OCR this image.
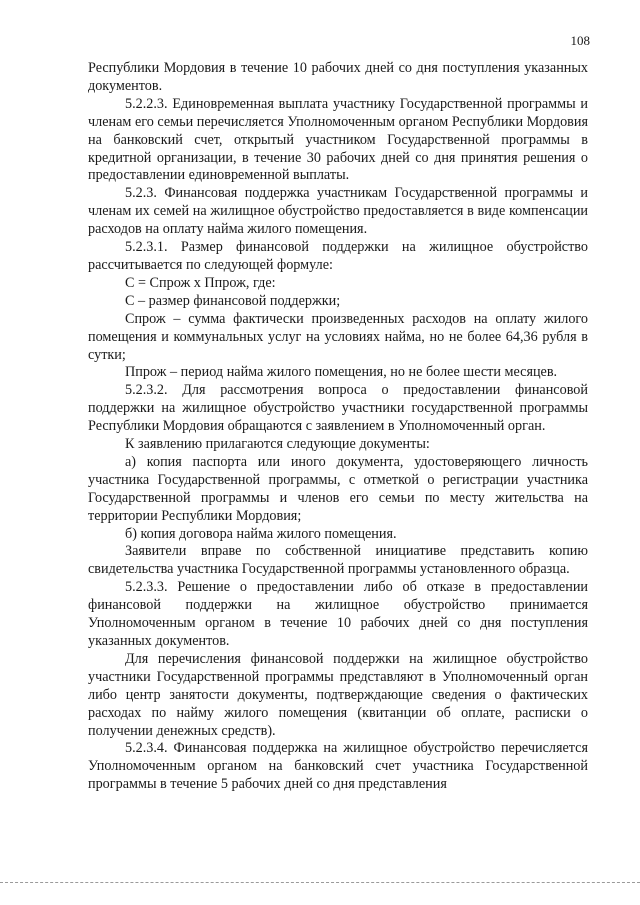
108

Республики Мордовия в течение 10 рабочих дней со дня поступления указанных документов.

5.2.2.3. Единовременная выплата участнику Государственной программы и членам его семьи перечисляется Уполномоченным органом Республики Мордовия на банковский счет, открытый участником Государственной программы в кредитной организации, в течение 30 рабочих дней со дня принятия решения о предоставлении единовременной выплаты.

5.2.3. Финансовая поддержка участникам Государственной программы и членам их семей на жилищное обустройство предоставляется в виде компенсации расходов на оплату найма жилого помещения.

5.2.3.1. Размер финансовой поддержки на жилищное обустройство рассчитывается по следующей формуле:

С = Спрож х Ппрож, где:

С – размер финансовой поддержки;

Спрож – сумма фактически произведенных расходов на оплату жилого помещения и коммунальных услуг на условиях найма, но не более 64,36 рубля в сутки;

Ппрож – период найма жилого помещения, но не более шести месяцев.

5.2.3.2. Для рассмотрения вопроса о предоставлении финансовой поддержки на жилищное обустройство участники государственной программы Республики Мордовия обращаются с заявлением в Уполномоченный орган.

К заявлению прилагаются следующие документы:

а) копия паспорта или иного документа, удостоверяющего личность участника Государственной программы, с отметкой о регистрации участника Государственной программы и членов его семьи по месту жительства на территории Республики Мордовия;

б) копия договора найма жилого помещения.

Заявители вправе по собственной инициативе представить копию свидетельства участника Государственной программы установленного образца.

5.2.3.3. Решение о предоставлении либо об отказе в предоставлении финансовой поддержки на жилищное обустройство принимается Уполномоченным органом в течение 10 рабочих дней со дня поступления указанных документов.

Для перечисления финансовой поддержки на жилищное обустройство участники Государственной программы представляют в Уполномоченный орган либо центр занятости документы, подтверждающие сведения о фактических расходах по найму жилого помещения (квитанции об оплате, расписки о получении денежных средств).

5.2.3.4. Финансовая поддержка на жилищное обустройство перечисляется Уполномоченным органом на банковский счет участника Государственной программы в течение 5 рабочих дней со дня представления
